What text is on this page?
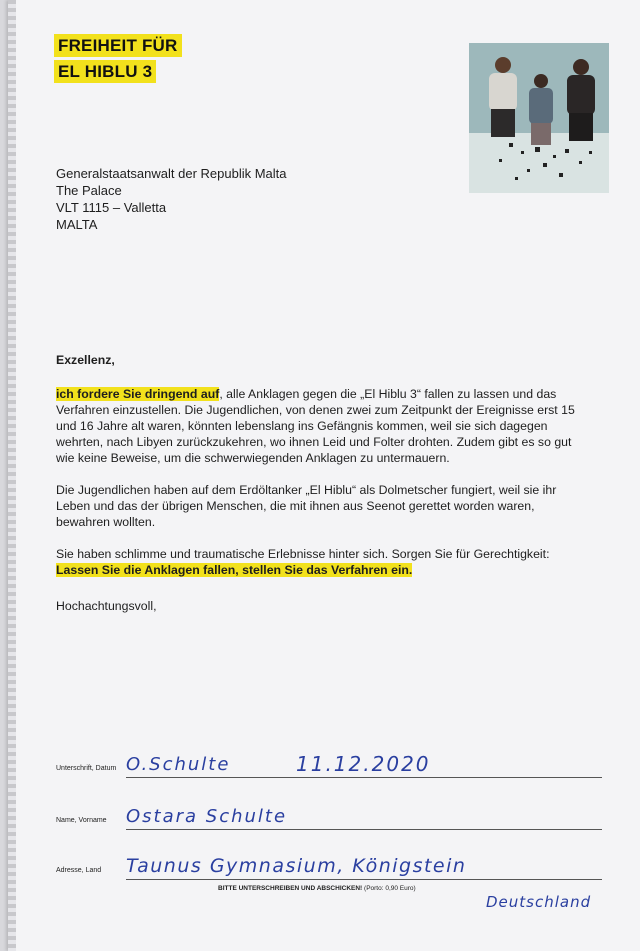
FREIHEIT FÜR
EL HIBLU 3
Generalstaatsanwalt der Republik Malta
The Palace
VLT 1115 – Valletta
MALTA
Exzellenz,
ich fordere Sie dringend auf, alle Anklagen gegen die „El Hiblu 3“ fallen zu lassen und das Verfahren einzustellen. Die Jugendlichen, von denen zwei zum Zeitpunkt der Ereignisse erst 15 und 16 Jahre alt waren, könnten lebenslang ins Gefängnis kommen, weil sie sich dagegen wehrten, nach Libyen zurückzukehren, wo ihnen Leid und Folter drohten. Zudem gibt es so gut wie keine Beweise, um die schwerwiegenden Anklagen zu untermauern.
Die Jugendlichen haben auf dem Erdöltanker „El Hiblu“ als Dolmetscher fungiert, weil sie ihr Leben und das der übrigen Menschen, die mit ihnen aus Seenot gerettet worden waren, bewahren wollten.
Sie haben schlimme und traumatische Erlebnisse hinter sich. Sorgen Sie für Gerechtigkeit:
Lassen Sie die Anklagen fallen, stellen Sie das Verfahren ein.
Hochachtungsvoll,
Unterschrift, Datum O.Schulte	11.12.2020
Name, Vorname Ostara Schulte
Adresse, Land Taunus Gymnasium, Königstein
Deutschland
BITTE UNTERSCHREIBEN UND ABSCHICKEN! (Porto: 0,90 Euro)
